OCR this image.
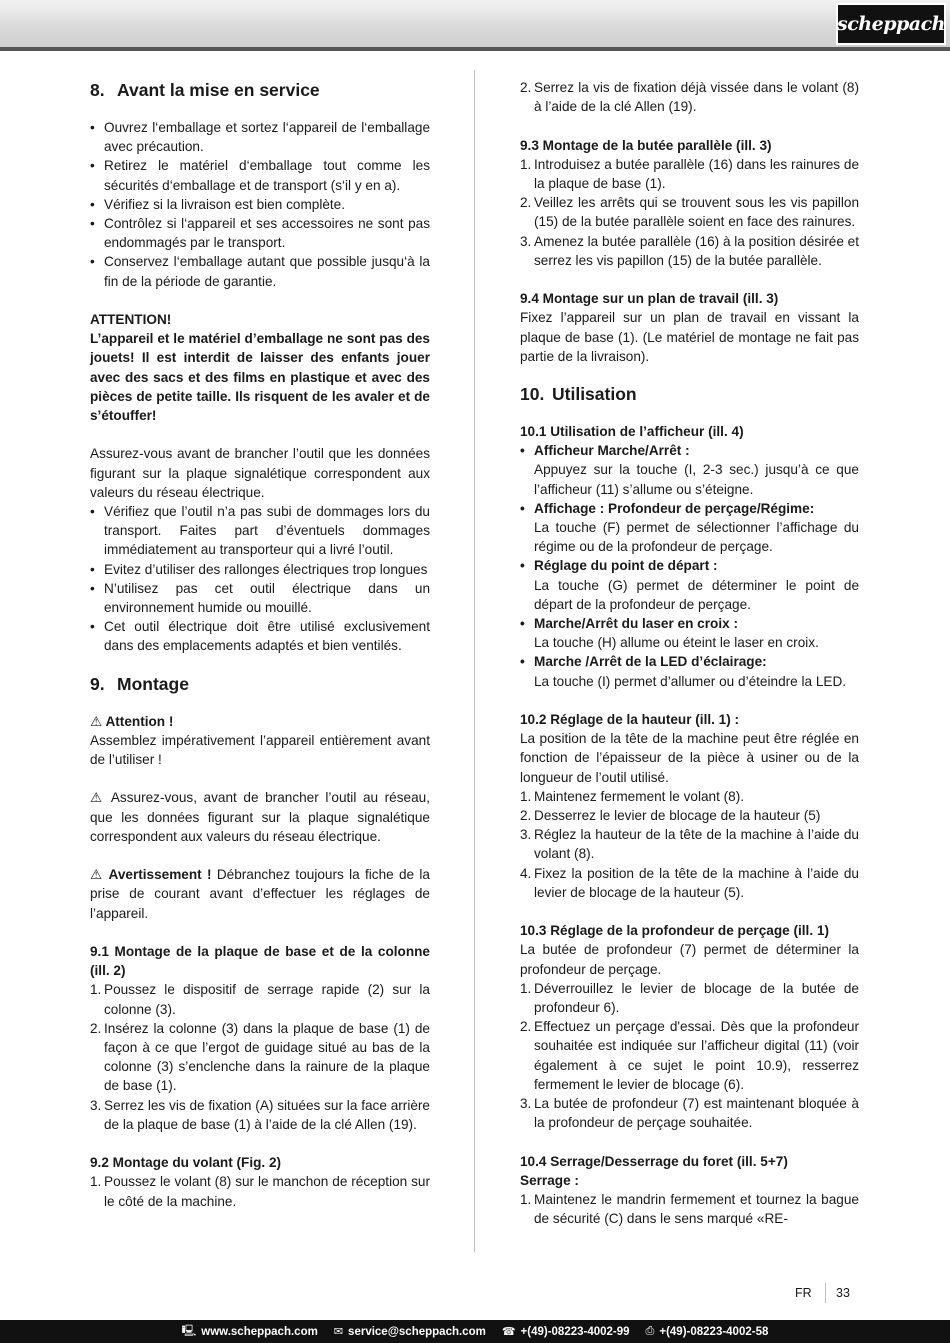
scheppach
8. Avant la mise en service
• Ouvrez l‘emballage et sortez l‘appareil de l‘emballage avec précaution.
• Retirez le matériel d‘emballage tout comme les sécurités d‘emballage et de transport (s‘il y en a).
• Vérifiez si la livraison est bien complète.
• Contrôlez si l‘appareil et ses accessoires ne sont pas endommagés par le transport.
• Conservez l‘emballage autant que possible jusqu‘à la fin de la période de garantie.

ATTENTION!

L’appareil et le matériel d’emballage ne sont pas des jouets! Il est interdit de laisser des enfants jouer avec des sacs et des films en plastique et avec des pièces de petite taille. Ils risquent de les avaler et de s’étouffer!

Assurez-vous avant de brancher l’outil que les données figurant sur la plaque signalétique correspondent aux valeurs du réseau électrique.

• Vérifiez que l’outil n’a pas subi de dommages lors du transport. Faites part d’éventuels dommages immédiatement au transporteur qui a livré l’outil.
• Evitez d’utiliser des rallonges électriques trop longues
• N’utilisez pas cet outil électrique dans un environnement humide ou mouillé.
• Cet outil électrique doit être utilisé exclusivement dans des emplacements adaptés et bien ventilés.
9. Montage

⚠ Attention !

Assemblez impérativement l’appareil entièrement avant de l’utiliser !

⚠ Assurez-vous, avant de brancher l’outil au réseau, que les données figurant sur la plaque signalétique correspondent aux valeurs du réseau électrique.

⚠ Avertissement ! Débranchez toujours la fiche de la prise de courant avant d’effectuer les réglages de l’appareil.

9.1 Montage de la plaque de base et de la colonne (ill. 2)

1. Poussez le dispositif de serrage rapide (2) sur la colonne (3).
2. Insérez la colonne (3) dans la plaque de base (1) de façon à ce que l’ergot de guidage situé au bas de la colonne (3) s’enclenche dans la rainure de la plaque de base (1).
3. Serrez les vis de fixation (A) situées sur la face arrière de la plaque de base (1) à l’aide de la clé Allen (19).

9.2 Montage du volant (Fig. 2)

1. Poussez le volant (8) sur le manchon de réception sur le côté de la machine.
2. Serrez la vis de fixation déjà vissée dans le volant (8) à l’aide de la clé Allen (19).

9.3 Montage de la butée parallèle (ill. 3)

1. Introduisez a butée parallèle (16) dans les rainures de la plaque de base (1).
2. Veillez les arrêts qui se trouvent sous les vis papillon (15) de la butée parallèle soient en face des rainures.
3. Amenez la butée parallèle (16) à la position désirée et serrez les vis papillon (15) de la butée parallèle.

9.4 Montage sur un plan de travail (ill. 3)

Fixez l’appareil sur un plan de travail en vissant la plaque de base (1). (Le matériel de montage ne fait pas partie de la livraison).

10. Utilisation

10.1 Utilisation de l’afficheur (ill. 4)

• Afficheur Marche/Arrêt :
Appuyez sur la touche (I, 2-3 sec.) jusqu’à ce que l’afficheur (11) s’allume ou s’éteigne.
• Affichage : Profondeur de perçage/Régime:
La touche (F) permet de sélectionner l’affichage du régime ou de la profondeur de perçage.
• Réglage du point de départ :
La touche (G) permet de déterminer le point de départ de la profondeur de perçage.
• Marche/Arrêt du laser en croix :
La touche (H) allume ou éteint le laser en croix.
• Marche /Arrêt de la LED d’éclairage:
La touche (I) permet d’allumer ou d’éteindre la LED.

10.2 Réglage de la hauteur (ill. 1) :

La position de la tête de la machine peut être réglée en fonction de l’épaisseur de la pièce à usiner ou de la longueur de l’outil utilisé.

1. Maintenez fermement le volant (8).
2. Desserrez le levier de blocage de la hauteur (5)
3. Réglez la hauteur de la tête de la machine à l’aide du volant (8).
4. Fixez la position de la tête de la machine à l’aide du levier de blocage de la hauteur (5).

10.3 Réglage de la profondeur de perçage (ill. 1)

La butée de profondeur (7) permet de déterminer la profondeur de perçage.

1. Déverrouillez le levier de blocage de la butée de profondeur 6).
2. Effectuez un perçage d'essai. Dès que la profondeur souhaitée est indiquée sur l’afficheur digital (11) (voir également à ce sujet le point 10.9), resserrez fermement le levier de blocage (6).
3. La butée de profondeur (7) est maintenant bloquée à la profondeur de perçage souhaitée.

10.4 Serrage/Desserrage du foret (ill. 5+7)

Serrage :

1. Maintenez le mandrin fermement et tournez la bague de sécurité (C) dans le sens marqué «RE-
FR	33
🖳︎ www.scheppach.com ✉︎ service@scheppach.com ☎︎ +(49)-08223-4002-99 ⎙ +(49)-08223-4002-58
